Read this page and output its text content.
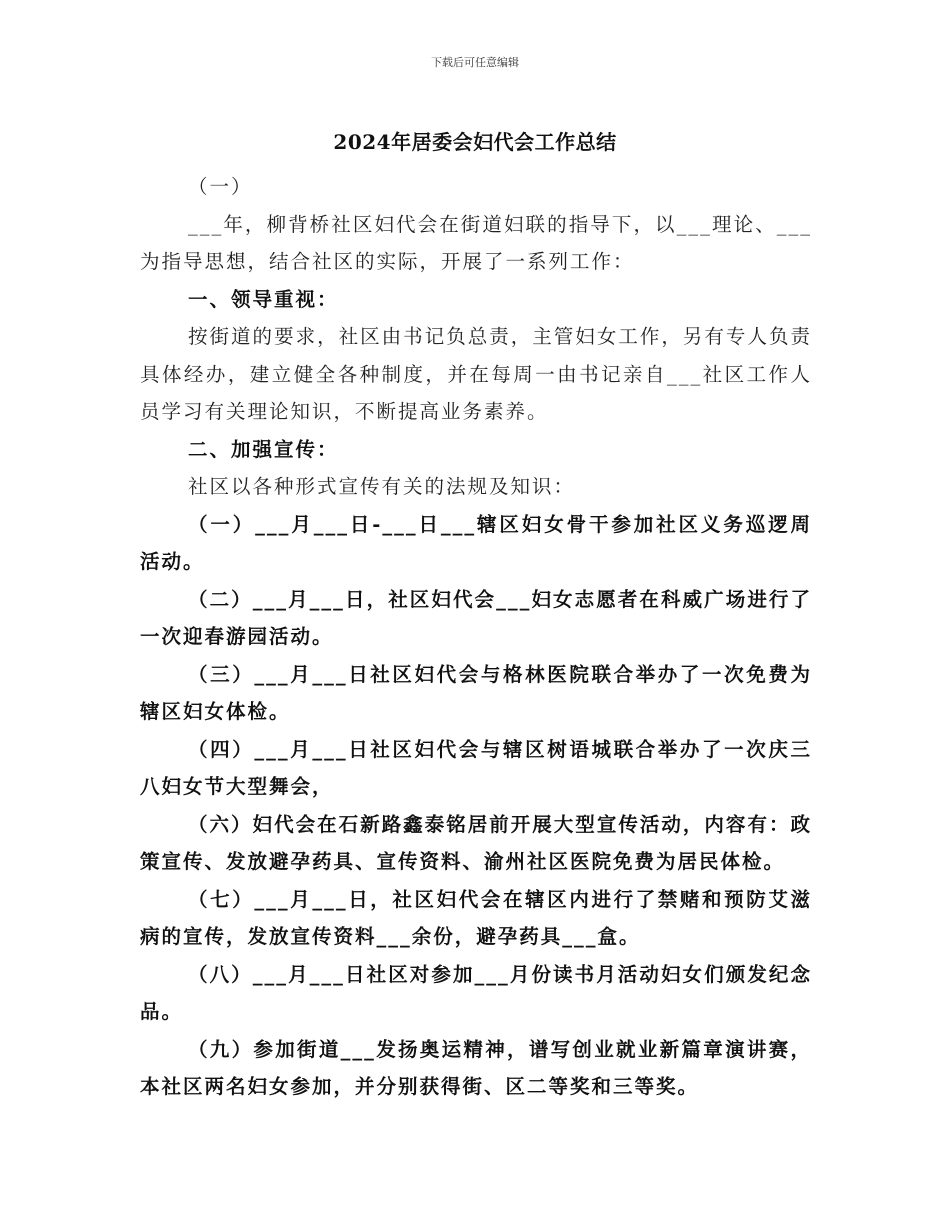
下载后可任意编辑
2024年居委会妇代会工作总结

（一）

___年，柳背桥社区妇代会在街道妇联的指导下，以___理论、___为指导思想，结合社区的实际，开展了一系列工作：

一、领导重视：

按街道的要求，社区由书记负总责，主管妇女工作，另有专人负责具体经办，建立健全各种制度，并在每周一由书记亲自___社区工作人员学习有关理论知识，不断提高业务素养。

二、加强宣传：

社区以各种形式宣传有关的法规及知识：

（一）___月___日-___日___辖区妇女骨干参加社区义务巡逻周活动。

（二）___月___日，社区妇代会___妇女志愿者在科威广场进行了一次迎春游园活动。

（三）___月___日社区妇代会与格林医院联合举办了一次免费为辖区妇女体检。

（四）___月___日社区妇代会与辖区树语城联合举办了一次庆三八妇女节大型舞会，

（六）妇代会在石新路鑫泰铭居前开展大型宣传活动，内容有：政策宣传、发放避孕药具、宣传资料、渝州社区医院免费为居民体检。

（七）___月___日，社区妇代会在辖区内进行了禁赌和预防艾滋病的宣传，发放宣传资料___余份，避孕药具___盒。

（八）___月___日社区对参加___月份读书月活动妇女们颁发纪念品。

（九）参加街道___发扬奥运精神，谱写创业就业新篇章演讲赛，本社区两名妇女参加，并分别获得街、区二等奖和三等奖。
